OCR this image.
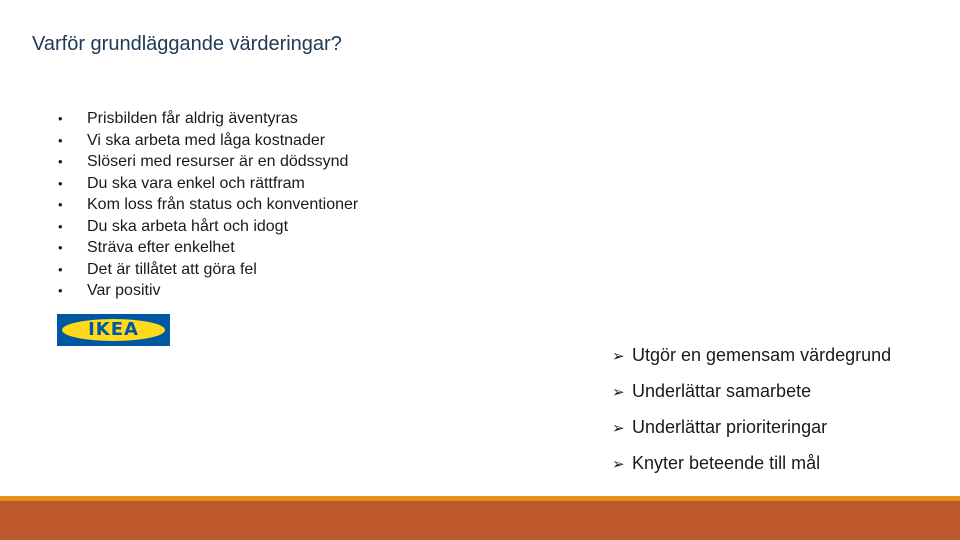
Varför grundläggande värderingar?
• Prisbilden får aldrig äventyras
• Vi ska arbeta med låga kostnader
• Slöseri med resurser är en dödssynd
• Du ska vara enkel och rättfram
• Kom loss från status och konventioner
• Du ska arbeta hårt och idogt
• Sträva efter enkelhet
• Det är tillåtet att göra fel
• Var positiv
IKEA
➢ Utgör en gemensam värdegrund
➢ Underlättar samarbete
➢ Underlättar prioriteringar
➢ Knyter beteende till mål
